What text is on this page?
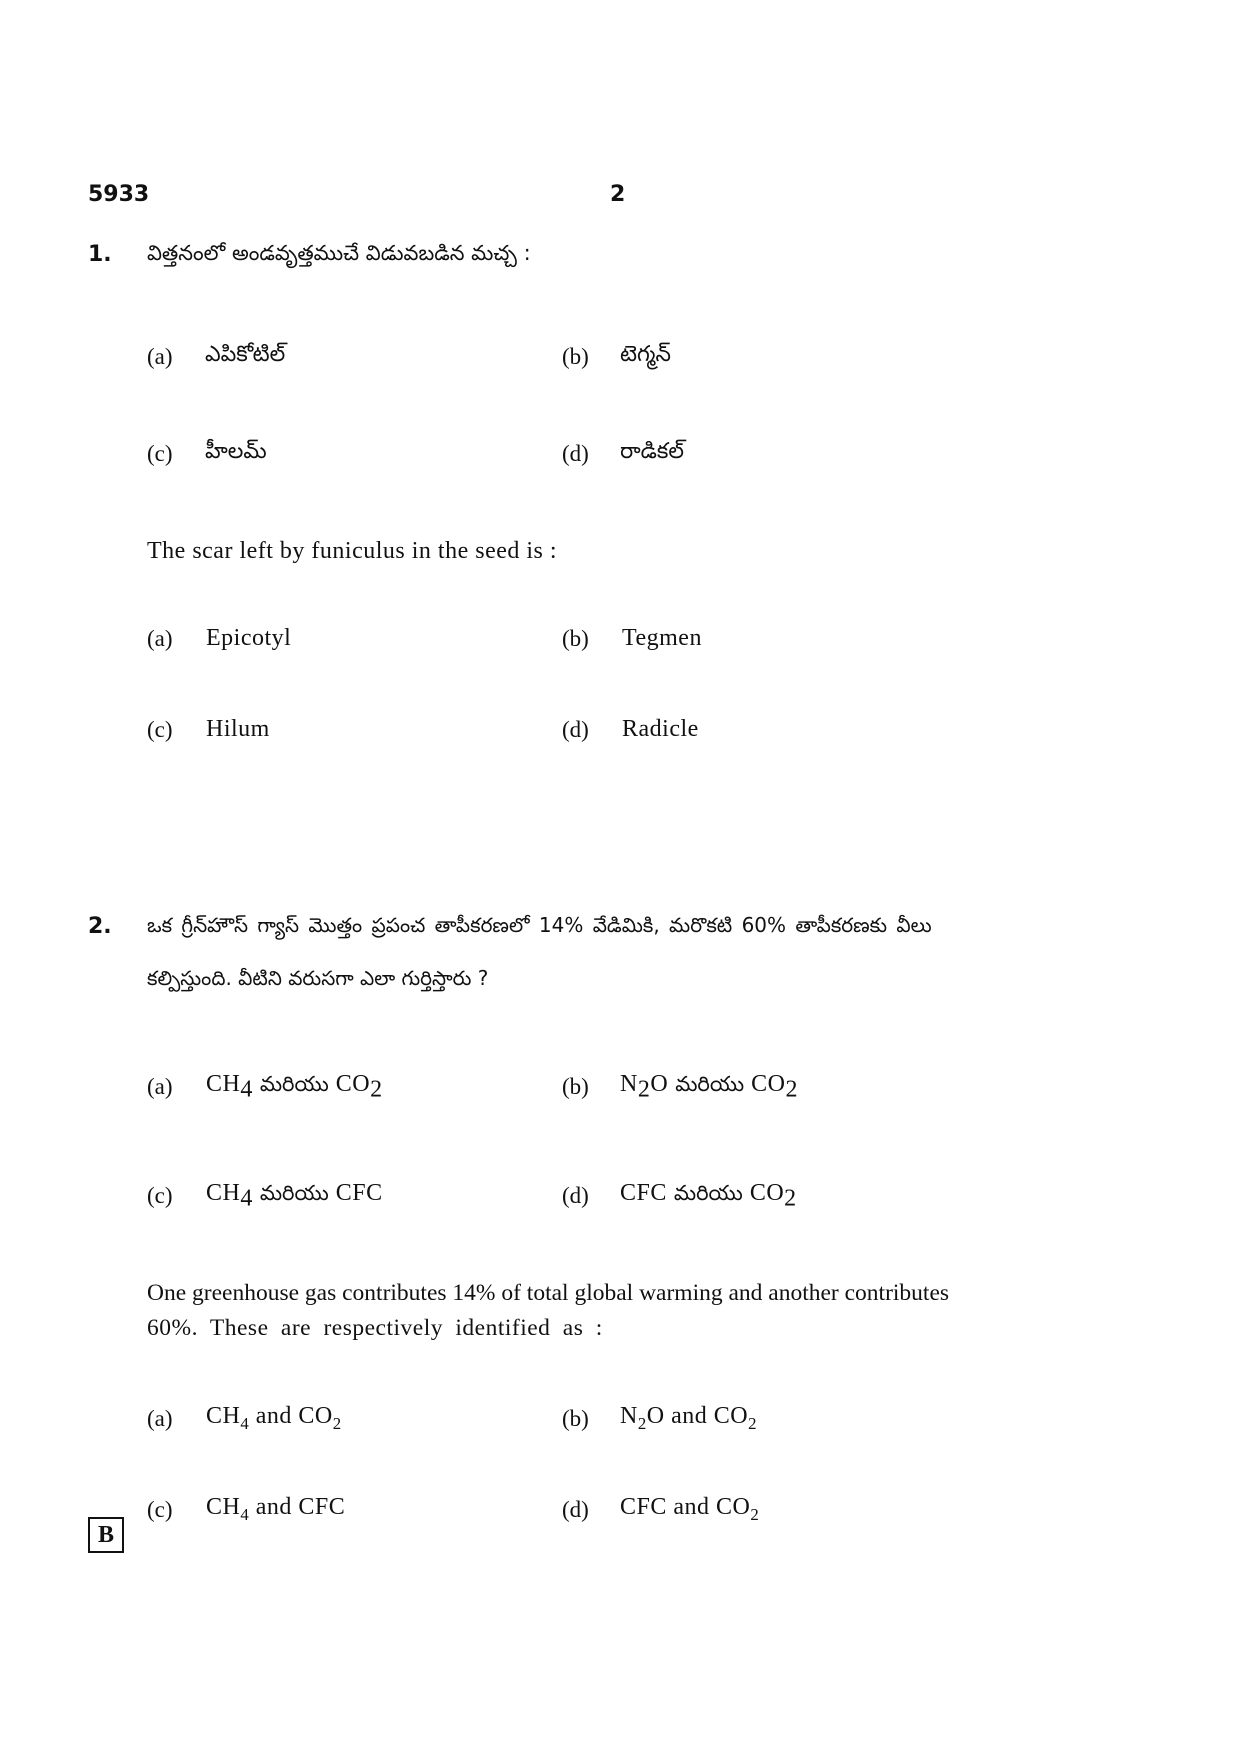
5933	2
1. విత్తనంలో అండవృత్తముచే విడువబడిన మచ్చ :
(a) ఎపికోటిల్	(b) టెగ్మన్
(c) హీలమ్	(d) రాడికల్
The scar left by funiculus in the seed is :
(a) Epicotyl	(b) Tegmen
(c) Hilum	(d) Radicle
2. ఒక గ్రీన్‌హౌస్ గ్యాస్ మొత్తం ప్రపంచ తాపీకరణలో 14% వేడిమికి, మరొకటి 60% తాపీకరణకు వీలు
కల్పిస్తుంది. వీటిని వరుసగా ఎలా గుర్తిస్తారు ?
(a) $CH_4$ మరియు $CO_2$	(b) $N_2O$ మరియు $CO_2$
(c) $CH_4$ మరియు CFC	(d) CFC మరియు $CO_2$
One greenhouse gas contributes 14% of total global warming and another contributes
60%. These are respectively identified as :
(a) $CH_4$ and $CO_2$	(b) $N_2O$ and $CO_2$
(c) $CH_4$ and CFC	(d) CFC and $CO_2$
B
